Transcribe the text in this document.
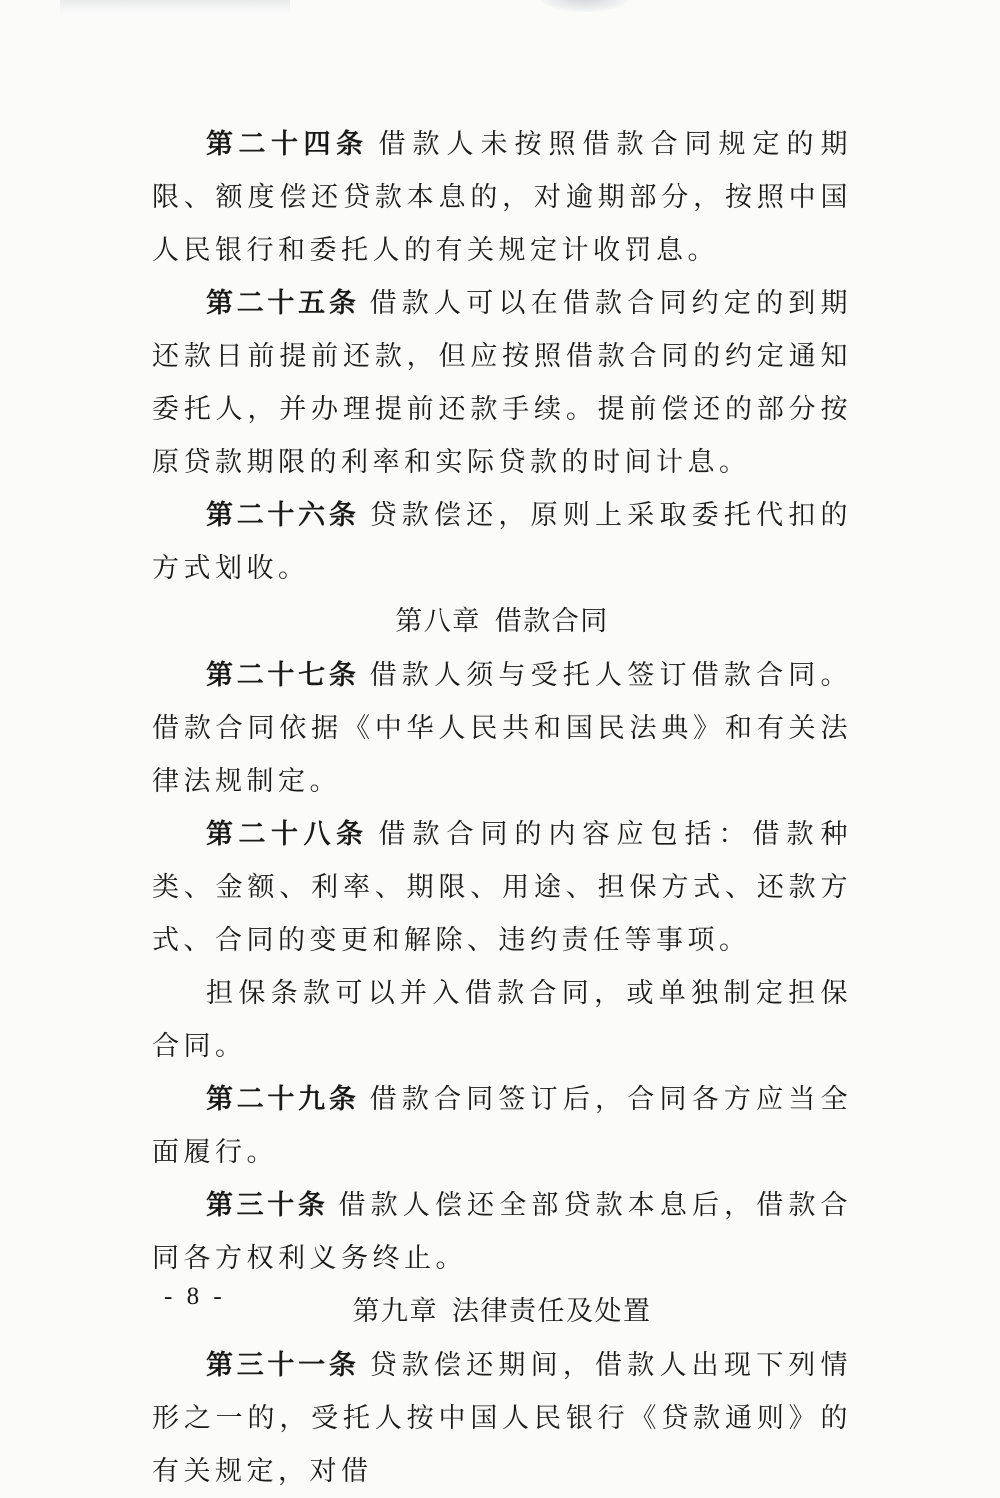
第二十四条 借款人未按照借款合同规定的期限、额度偿还贷款本息的，对逾期部分，按照中国人民银行和委托人的有关规定计收罚息。

第二十五条 借款人可以在借款合同约定的到期还款日前提前还款，但应按照借款合同的约定通知委托人，并办理提前还款手续。提前偿还的部分按原贷款期限的利率和实际贷款的时间计息。

第二十六条 贷款偿还，原则上采取委托代扣的方式划收。

第八章 借款合同

第二十七条 借款人须与受托人签订借款合同。借款合同依据《中华人民共和国民法典》和有关法律法规制定。

第二十八条 借款合同的内容应包括：借款种类、金额、利率、期限、用途、担保方式、还款方式、合同的变更和解除、违约责任等事项。

担保条款可以并入借款合同，或单独制定担保合同。

第二十九条 借款合同签订后，合同各方应当全面履行。

第三十条 借款人偿还全部贷款本息后，借款合同各方权利义务终止。

第九章 法律责任及处置

第三十一条 贷款偿还期间，借款人出现下列情形之一的，受托人按中国人民银行《贷款通则》的有关规定，对借

- 8 -
